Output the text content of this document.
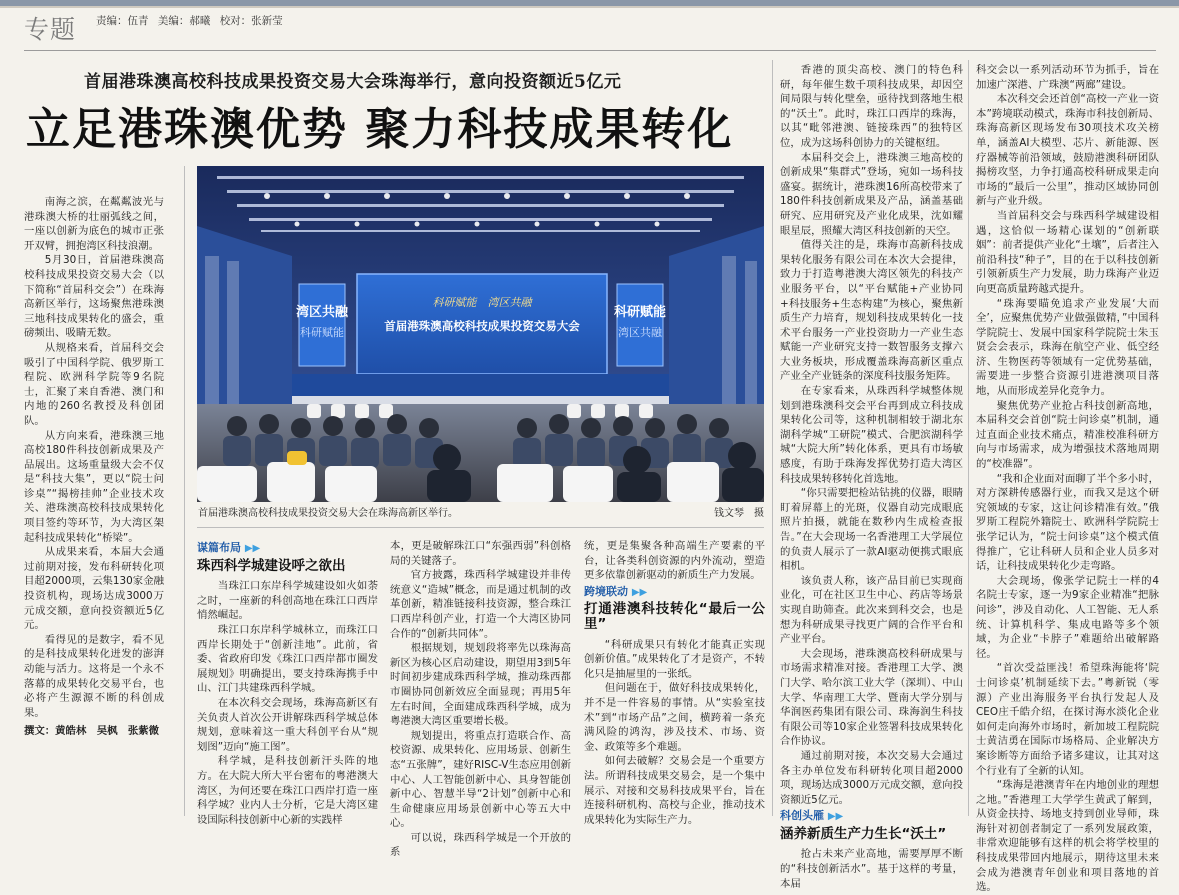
专题 责编：伍青 美编：郝曦 校对：张新莹
首届港珠澳高校科技成果投资交易大会珠海举行，意向投资额近5亿元
立足港珠澳优势 聚力科技成果转化

南海之滨，在粼粼波光与港珠澳大桥的壮丽弧线之间，一座以创新为底色的城市正张开双臂，拥抱湾区科技浪潮。

5月30日，首届港珠澳高校科技成果投资交易大会（以下简称“首届科交会”）在珠海高新区举行，这场聚焦港珠澳三地科技成果转化的盛会，重磅频出、吸睛无数。

从规格来看，首届科交会吸引了中国科学院、俄罗斯工程院、欧洲科学院等9名院士，汇聚了来自香港、澳门和内地的260名教授及科创团队。

从方向来看，港珠澳三地高校180件科技创新成果及产品展出。这场重量级大会不仅是“科技大集”，更以“院士问诊桌”“揭榜挂帅”企业技术攻关、港珠澳高校科技成果转化项目签约等环节，为大湾区架起科技成果转化“桥梁”。

从成果来看，本届大会通过前期对接，发布科研转化项目超2000项，云集130家金融投资机构，现场达成3000万元成交额，意向投资额近5亿元。

看得见的是数字，看不见的是科技成果转化迸发的澎湃动能与活力。这将是一个永不落幕的成果转化交易平台，也必将产生源源不断的科创成果。

撰文：黄皓林　吴枫　张紫微

湾区共融
科研赋能
科研赋能
湾区共融
科研赋能　湾区共融
首届港珠澳高校科技成果投资交易大会
首届港珠澳高校科技成果投资交易大会在珠海高新区举行。	钱文琴　摄
谋篇布局 ▶▶
珠西科学城建设呼之欲出

当珠江口东岸科学城建设如火如荼之时，一座新的科创高地在珠江口西岸悄然崛起。

珠江口东岸科学城林立，而珠江口西岸长期处于“创新洼地”。此前，省委、省政府印发《珠江口西岸都市圈发展规划》明确提出，要支持珠海携手中山、江门共建珠西科学城。

在本次科交会现场，珠海高新区有关负责人首次公开讲解珠西科学城总体规划，意味着这一重大科创平台从“规划图”迈向“施工图”。

科学城，是科技创新汗头阵的地方。在大院大所大平台密布的粤港澳大湾区，为何还要在珠江口西岸打造一座科学城？业内人士分析，它是大湾区建设国际科技创新中心新的实践样

本，更是破解珠江口“东强西弱”科创格局的关键落子。

官方披露，珠西科学城建设并非传统意义“造城”概念，而是通过机制的改革创新，精准链接科技资源，整合珠江口西岸科创产业，打造一个大湾区协同合作的“创新共同体”。

根据规划，规划段将率先以珠海高新区为核心区启动建设，期望用3到5年时间初步建成珠西科学城，推动珠西都市圈协同创新效应全面显现；再用5年左右时间，全面建成珠西科学城，成为粤港澳大湾区重要增长极。

规划提出，将重点打造联合作、高校资源、成果转化、应用场景、创新生态“五张牌”，建好RISC-V生态应用创新中心、人工智能创新中心、具身智能创新中心、智慧半导“2计划”创新中心和生命健康应用场景创新中心等五大中心。

可以说，珠西科学城是一个开放的系

统，更是集聚各种高端生产要素的平台，让各类科创资源的内外流动，塑造更多依靠创新驱动的新质生产力发展。

跨境联动 ▶▶
打通港澳科技转化“最后一公里”

“科研成果只有转化才能真正实现创新价值。”成果转化了才是资产，不转化只是抽屉里的一张纸。

但问题在于，做好科技成果转化，并不是一件容易的事情。从“实验室技术”到“市场产品”之间，横跨着一条充满风险的鸿沟，涉及技术、市场、资金、政策等多个难题。

如何去破解？交易会是一个重要方法。所谓科技成果交易会，是一个集中展示、对接和交易科技成果平台，旨在连接科研机构、高校与企业，推动技术成果转化为实际生产力。

香港的顶尖高校、澳门的特色科研，每年催生数千项科技成果，却因空间局限与转化壁垒，亟待找到落地生根的“沃土”。此时，珠江口西岸的珠海，以其“毗邻港澳、链接珠西”的独特区位，成为这场科创协力的关键枢纽。

本届科交会上，港珠澳三地高校的创新成果“集群式”登场，宛如一场科技盛宴。据统计，港珠澳16所高校带来了180件科技创新成果及产品，涵盖基础研究、应用研究及产业化成果，沈如耀眼星辰，照耀大湾区科技创新的天空。

值得关注的是，珠海市高新科技成果转化服务有限公司在本次大会提律，致力于打造粤港澳大湾区领先的科技产业服务平台，以“平台赋能+产业协同+科技服务+生态构建”为核心，聚焦新质生产力培育，规划科技成果转化一技术平台服务一产业投资助力一产业生态赋能一产业研究支持一数智服务支撑六大业务板块，形成覆盖珠海高新区重点产业全产业链条的深度科技服务矩阵。

在专家看来，从珠西科学城整体规划到港珠澳科交会平台再到成立科技成果转化公司等，这种机制相较于湖北东湖科学城“工研院”模式、合肥滨湖科学城“大院大所”转化体系，更具有市场敏感度，有助于珠海发挥优势打造大湾区科技成果转移转化首选地。

“你只需要把检站钻挑的仪器，眼睛盯着屏幕上的光斑，仪器自动完成眼底照片拍摄，就能在数秒内生成检查报告。”在大会现场一名香港理工大学展位的负责人展示了一款AI驱动便携式眼底相机。

该负责人称，该产品目前已实现商业化，可在社区卫生中心、药店等场景实现自助筛查。此次来到科交会，也是想为科研成果寻找更广阔的合作平台和产业平台。

大会现场，港珠澳高校科研成果与市场需求精准对接。香港理工大学、澳门大学、哈尔滨工业大学（深圳）、中山大学、华南理工大学、暨南大学分别与华润医药集团有限公司、珠海润生科技有限公司等10家企业签署科技成果转化合作协议。

通过前期对接，本次交易大会通过各主办单位发布科研转化项目超2000项，现场达成3000万元成交额，意向投资额近5亿元。

科创头雁 ▶▶
涵养新质生产力生长“沃土”

抢占未来产业高地，需要厚厚不断的“科技创新活水”。基于这样的考量，本届

科交会以一系列活动环节为抓手，旨在加速广深港、广珠澳“两廊”建设。

本次科交会还首创“高校一产业一资本”跨境联动模式，珠海市科技创新局、珠海高新区现场发布30项技术攻关榜单，涵盖AI大模型、芯片、新能源、医疗器械等前沿领域，鼓励港澳科研团队揭榜攻坚，力争打通高校科研成果走向市场的“最后一公里”，推动区域协同创新与产业升级。

当首届科交会与珠西科学城建设相遇，这恰似一场精心谋划的“创新联姻”：前者提供产业化“土壤”，后者注入前沿科技“种子”，目的在于以科技创新引领新质生产力发展，助力珠海产业迈向更高质量跨越式提升。

“珠海要瞄免追求产业发展‘大而全’，应聚焦优势产业做强做精，”中国科学院院士、发展中国家科学院院士朱玉贤会会表示，珠海在航空产业、低空经济、生物医药等领域有一定优势基础，需要进一步整合资源引进港澳项目落地，从而形成差异化竞争力。

聚焦优势产业抢占科技创新高地，本届科交会首创“院士问诊桌”机制，通过直面企业技术痛点，精准校准科研方向与市场需求，成为增强技术落地周期的“校准器”。

“我和企业面对面聊了半个多小时，对方深耕传感器行业，而我又是这个研究领域的专家，这让问诊精准有效。”俄罗斯工程院外籍院士、欧洲科学院院士张学记认为，“院士问诊桌”这个模式值得推广，它让科研人员和企业人员多对话，让科技成果转化少走弯路。

大会现场，像张学记院士一样的4名院士专家，逐一为9家企业精准“把脉问诊”，涉及自动化、人工智能、无人系统、计算机科学、集成电路等多个领域，为企业“卡脖子”难题给出破解路径。

“首次受益匪浅！希望珠海能将‘院士问诊桌’机制延续下去。”粤新锐（零源）产业出海服务平台执行发起人及CEO庄千皓介绍，在探讨海水淡化企业如何走向海外市场时，新加坡工程院院士黄洁勇在国际市场格局、企业解决方案诊断等方面给予诸多建议，让其对这个行业有了全新的认知。

“珠海是港澳青年在内地创业的理想之地。”香港理工大学学生黄武了解到，从资金扶持、场地支持到创业导师，珠海针对初创者制定了一系列发展政策，非常欢迎能够有这样的机会将学校里的科技成果带回内地展示，期待这里未来会成为港澳青年创业和项目落地的首选。
